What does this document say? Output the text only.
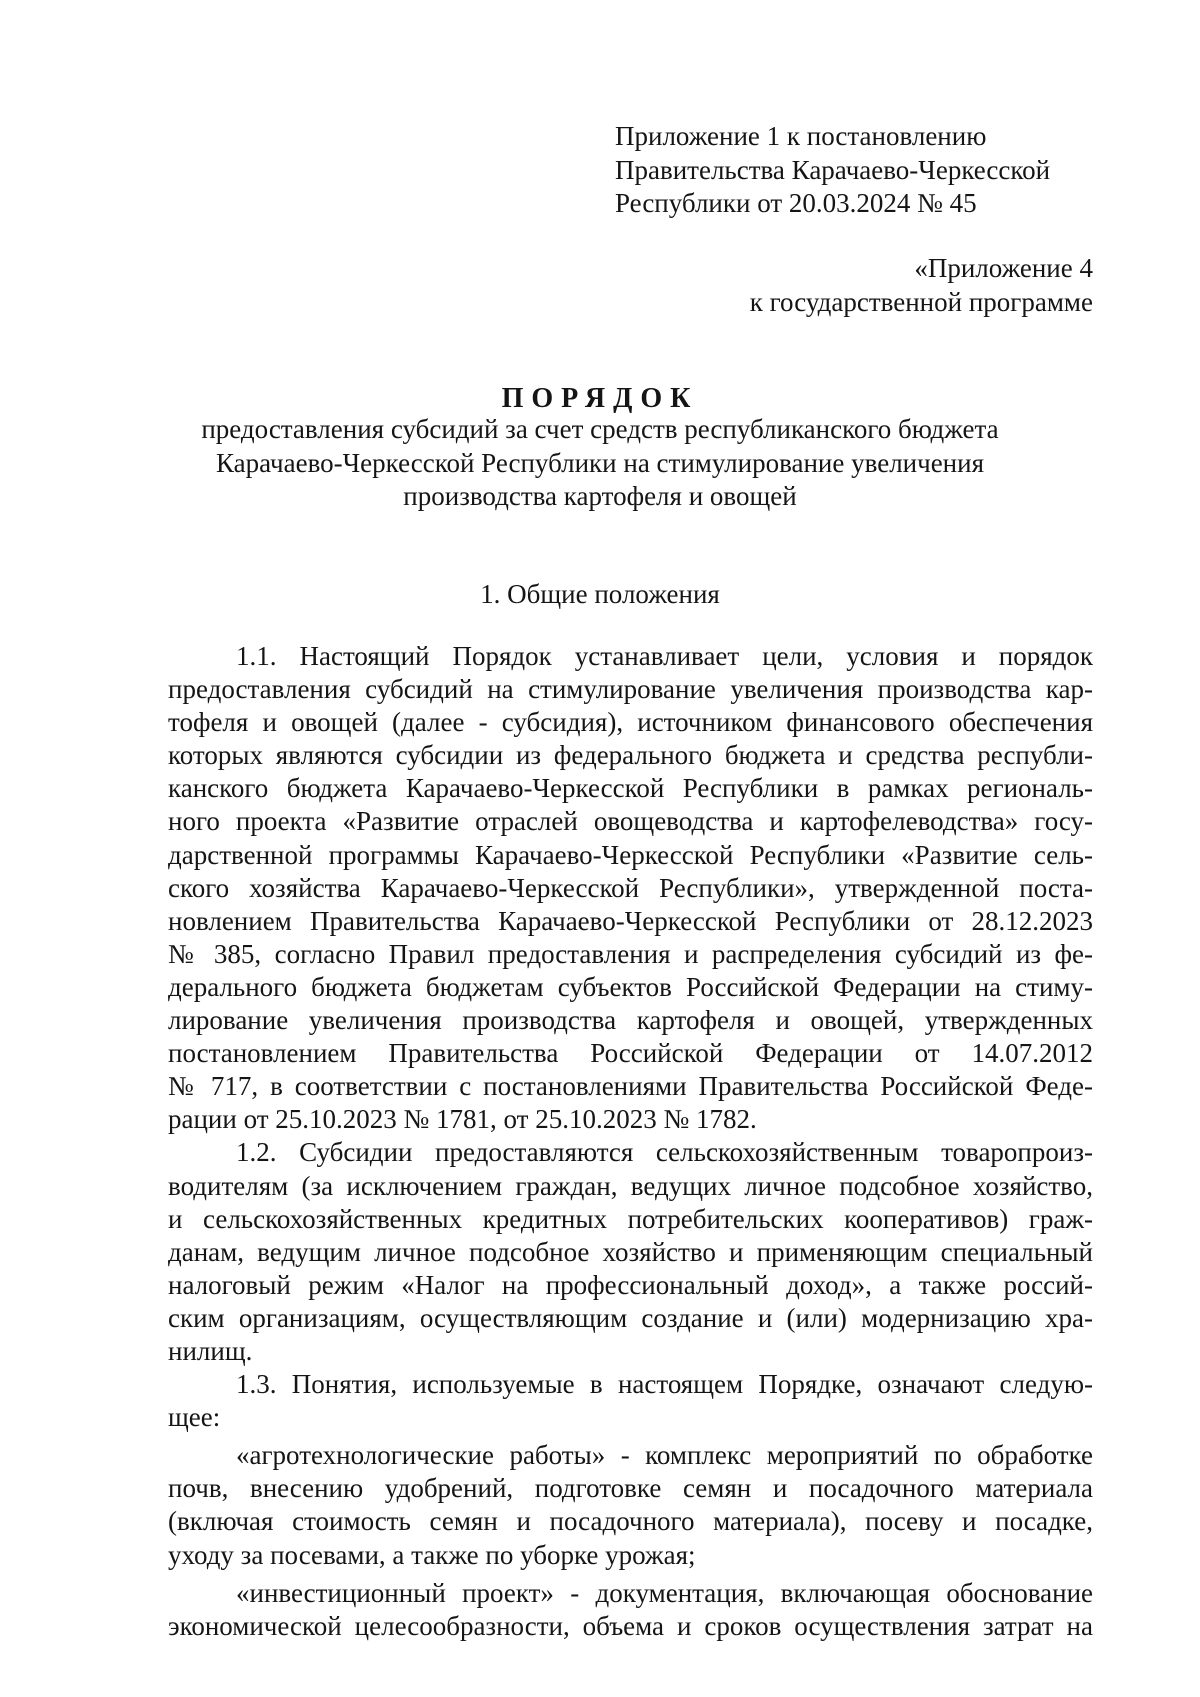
Приложение 1 к постановлению
Правительства Карачаево-Черкесской
Республики от 20.03.2024 № 45
«Приложение 4
к государственной программе
ПОРЯДОК
предоставления субсидий за счет средств республиканского бюджета
Карачаево-Черкесской Республики на стимулирование увеличения
производства картофеля и овощей
1. Общие положения
1.1. Настоящий Порядок устанавливает цели, условия и порядок
предоставления субсидий на стимулирование увеличения производства кар-
тофеля и овощей (далее - субсидия), источником финансового обеспечения
которых являются субсидии из федерального бюджета и средства республи-
канского бюджета Карачаево-Черкесской Республики в рамках региональ-
ного проекта «Развитие отраслей овощеводства и картофелеводства» госу-
дарственной программы Карачаево-Черкесской Республики «Развитие сель-
ского хозяйства Карачаево-Черкесской Республики», утвержденной поста-
новлением Правительства Карачаево-Черкесской Республики от 28.12.2023
№ 385, согласно Правил предоставления и распределения субсидий из фе-
дерального бюджета бюджетам субъектов Российской Федерации на стиму-
лирование увеличения производства картофеля и овощей, утвержденных
постановлением Правительства Российской Федерации от 14.07.2012
№ 717, в соответствии с постановлениями Правительства Российской Феде-
рации от 25.10.2023 № 1781, от 25.10.2023 № 1782.
1.2. Субсидии предоставляются сельскохозяйственным товаропроиз-
водителям (за исключением граждан, ведущих личное подсобное хозяйство,
и сельскохозяйственных кредитных потребительских кооперативов) граж-
данам, ведущим личное подсобное хозяйство и применяющим специальный
налоговый режим «Налог на профессиональный доход», а также россий-
ским организациям, осуществляющим создание и (или) модернизацию хра-
нилищ.
1.3. Понятия, используемые в настоящем Порядке, означают следую-
щее:
«агротехнологические работы» - комплекс мероприятий по обработке
почв, внесению удобрений, подготовке семян и посадочного материала
(включая стоимость семян и посадочного материала), посеву и посадке,
уходу за посевами, а также по уборке урожая;
«инвестиционный проект» - документация, включающая обоснование
экономической целесообразности, объема и сроков осуществления затрат на
